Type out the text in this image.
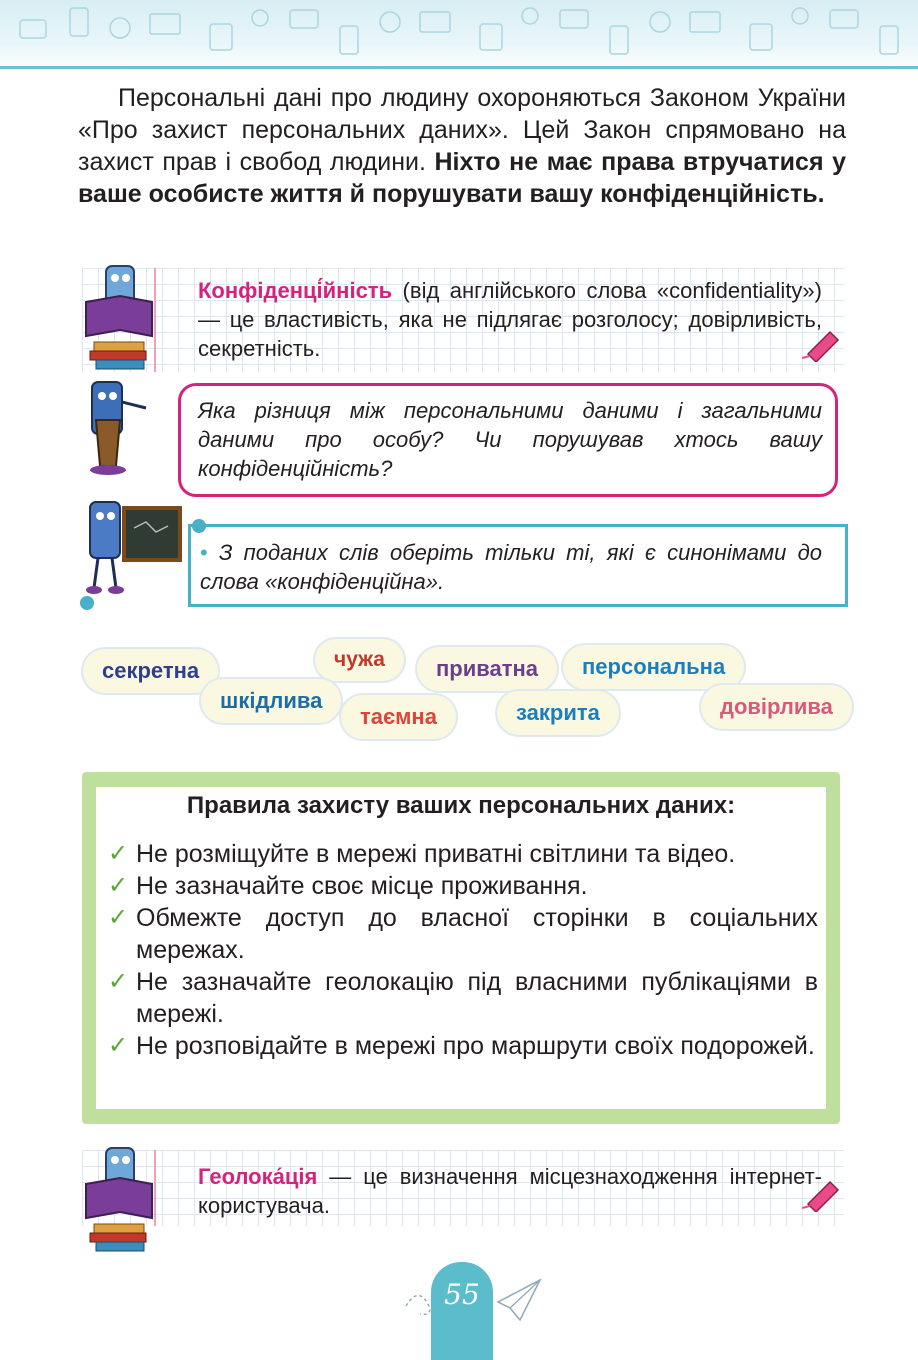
Персональні дані про людину охороняються Законом України «Про захист персональних даних». Цей Закон спрямовано на захист прав і свобод людини. Ніхто не має права втручатися у ваше особисте життя й порушувати вашу конфіденційність.

Конфіденці́йність (від англійського слова «confidentiality») — це властивість, яка не підлягає розголосу; довірливість, секретність.
Яка різниця між персональними даними і загальними даними про особу? Чи порушував хтось вашу конфіденційність?
• З поданих слів оберіть тільки ті, які є синонімами до слова «конфіденційна».
секретна	чужа	приватна	персональна
шкідлива
таємна	закрита	довірлива
Правила захисту ваших персональних даних:
✓ Не розміщуйте в мережі приватні світлини та відео.
✓ Не зазначайте своє місце проживання.
✓ Обмежте доступ до власної сторінки в соціальних мережах.
✓ Не зазначайте геолокацію під власними публікаціями в мережі.
✓ Не розповідайте в мережі про маршрути своїх подорожей.
Геолока́ція — це визначення місцезнаходження інтернет-користувача.
55
